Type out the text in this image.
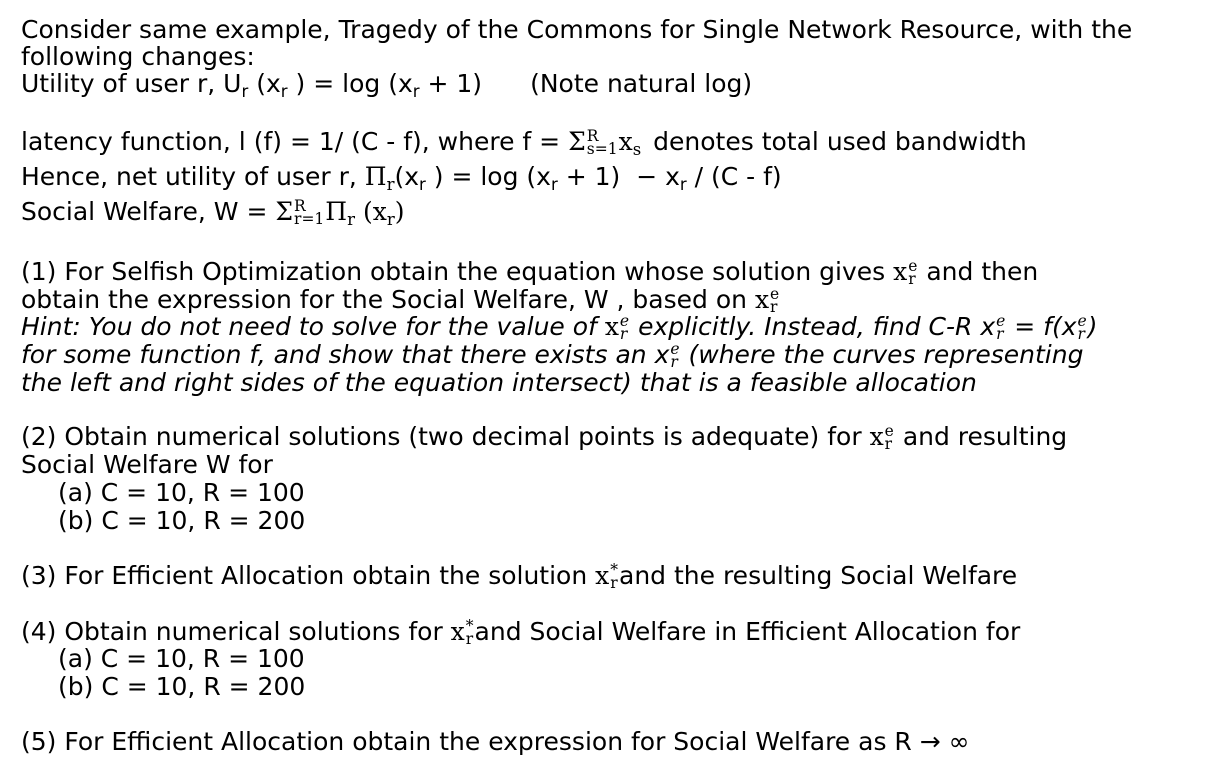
Consider same example, Tragedy of the Commons for Single Network Resource, with the
following changes:
Utility of user r, Ur (xr ) = log (xr + 1) (Note natural log)
latency function, l (f) = 1/ (C - f), where f = Σ R
s=1 xs denotes total used bandwidth
Hence, net utility of user r, Πr(xr ) = log (xr + 1) − xr / (C - f)
Social Welfare, W = Σ R
r=1 Πr (xr)
(1) For Selfish Optimization obtain the equation whose solution gives x e
r and then
obtain the expression for the Social Welfare, W , based on x e
r
Hint: You do not need to solve for the value of x e
r explicitly. Instead, find C-R x e
r = f(x e
r )
for some function f, and show that there exists an x e
r (where the curves representing
the left and right sides of the equation intersect) that is a feasible allocation
(2) Obtain numerical solutions (two decimal points is adequate) for x e
r and resulting
Social Welfare W for
(a) C = 10, R = 100
(b) C = 10, R = 200
(3) For Efficient Allocation obtain the solution x *
r and the resulting Social Welfare
(4) Obtain numerical solutions for x *
r and Social Welfare in Efficient Allocation for
(a) C = 10, R = 100
(b) C = 10, R = 200
(5) For Efficient Allocation obtain the expression for Social Welfare as R → ∞
